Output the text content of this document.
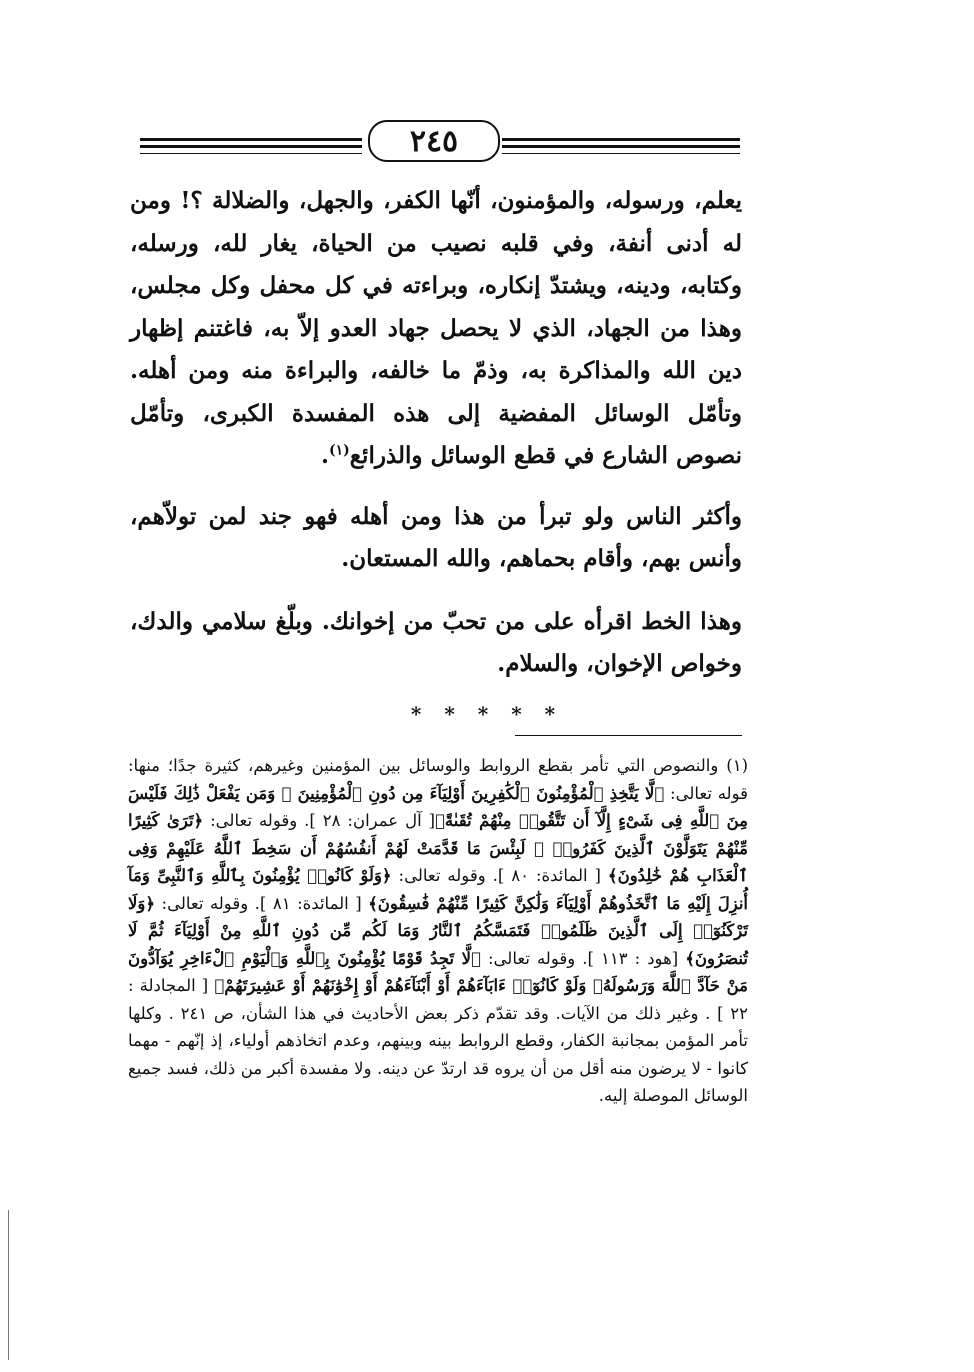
٢٤٥

يعلم، ورسوله، والمؤمنون، أنّها الكفر، والجهل، والضلالة ؟! ومن له أدنى أنفة، وفي قلبه نصيب من الحياة، يغار لله، ورسله، وكتابه، ودينه، ويشتدّ إنكاره، وبراءته في كل محفل وكل مجلس، وهذا من الجهاد، الذي لا يحصل جهاد العدو إلاّ به، فاغتنم إظهار دين الله والمذاكرة به، وذمّ ما خالفه، والبراءة منه ومن أهله. وتأمّل الوسائل المفضية إلى هذه المفسدة الكبرى، وتأمّل نصوص الشارع في قطع الوسائل والذرائع$^{(١)}$.

وأكثر الناس ولو تبرأ من هذا ومن أهله فهو جند لمن تولاّهم، وأنس بهم، وأقام بحماهم، والله المستعان.

وهذا الخط اقرأه على من تحبّ من إخوانك. وبلّغ سلامي والدك، وخواص الإخوان، والسلام.

* * * * *
(١) والنصوص التي تأمر بقطع الروابط والوسائل بين المؤمنين وغيرهم، كثيرة جدًا؛ منها: قوله تعالى: ﴿لَّا يَتَّخِذِ ٱلْمُؤْمِنُونَ ٱلْكَٰفِرِينَ أَوْلِيَآءَ مِن دُونِ ٱلْمُؤْمِنِينَ ۖ وَمَن يَفْعَلْ ذَٰلِكَ فَلَيْسَ مِنَ ٱللَّهِ فِى شَىْءٍ إِلَّآ أَن تَتَّقُوا۟ مِنْهُمْ تُقَىٰةً﴾[ آل عمران: ٢٨ ]. وقوله تعالى: ﴿تَرَىٰ كَثِيرًا مِّنْهُمْ يَتَوَلَّوْنَ ٱلَّذِينَ كَفَرُوا۟ ۚ لَبِئْسَ مَا قَدَّمَتْ لَهُمْ أَنفُسُهُمْ أَن سَخِطَ ٱللَّهُ عَلَيْهِمْ وَفِى ٱلْعَذَابِ هُمْ خَٰلِدُونَ﴾ [ المائدة: ٨٠ ]. وقوله تعالى: ﴿وَلَوْ كَانُوا۟ يُؤْمِنُونَ بِٱللَّهِ وَٱلنَّبِىِّ وَمَآ أُنزِلَ إِلَيْهِ مَا ٱتَّخَذُوهُمْ أَوْلِيَآءَ وَلَٰكِنَّ كَثِيرًا مِّنْهُمْ فَٰسِقُونَ﴾ [ المائدة: ٨١ ]. وقوله تعالى: ﴿وَلَا تَرْكَنُوٓا۟ إِلَى ٱلَّذِينَ ظَلَمُوا۟ فَتَمَسَّكُمُ ٱلنَّارُ وَمَا لَكُم مِّن دُونِ ٱللَّهِ مِنْ أَوْلِيَآءَ ثُمَّ لَا تُنصَرُونَ﴾ [هود : ١١٣ ]. وقوله تعالى: ﴿لَّا تَجِدُ قَوْمًا يُؤْمِنُونَ بِٱللَّهِ وَٱلْيَوْمِ ٱلْءَاخِرِ يُوَآدُّونَ مَنْ حَآدَّ ٱللَّهَ وَرَسُولَهُۥ وَلَوْ كَانُوٓا۟ ءَابَآءَهُمْ أَوْ أَبْنَآءَهُمْ أَوْ إِخْوَٰنَهُمْ أَوْ عَشِيرَتَهُمْ﴾ [ المجادلة : ٢٢ ] . وغير ذلك من الآيات. وقد تقدّم ذكر بعض الأحاديث في هذا الشأن، ص ٢٤١ . وكلها تأمر المؤمن بمجانبة الكفار، وقطع الروابط بينه وبينهم، وعدم اتخاذهم أولياء، إذ إنّهم - مهما كانوا - لا يرضون منه أقل من أن يروه قد ارتدّ عن دينه. ولا مفسدة أكبر من ذلك، فسد جميع الوسائل الموصلة إليه.
